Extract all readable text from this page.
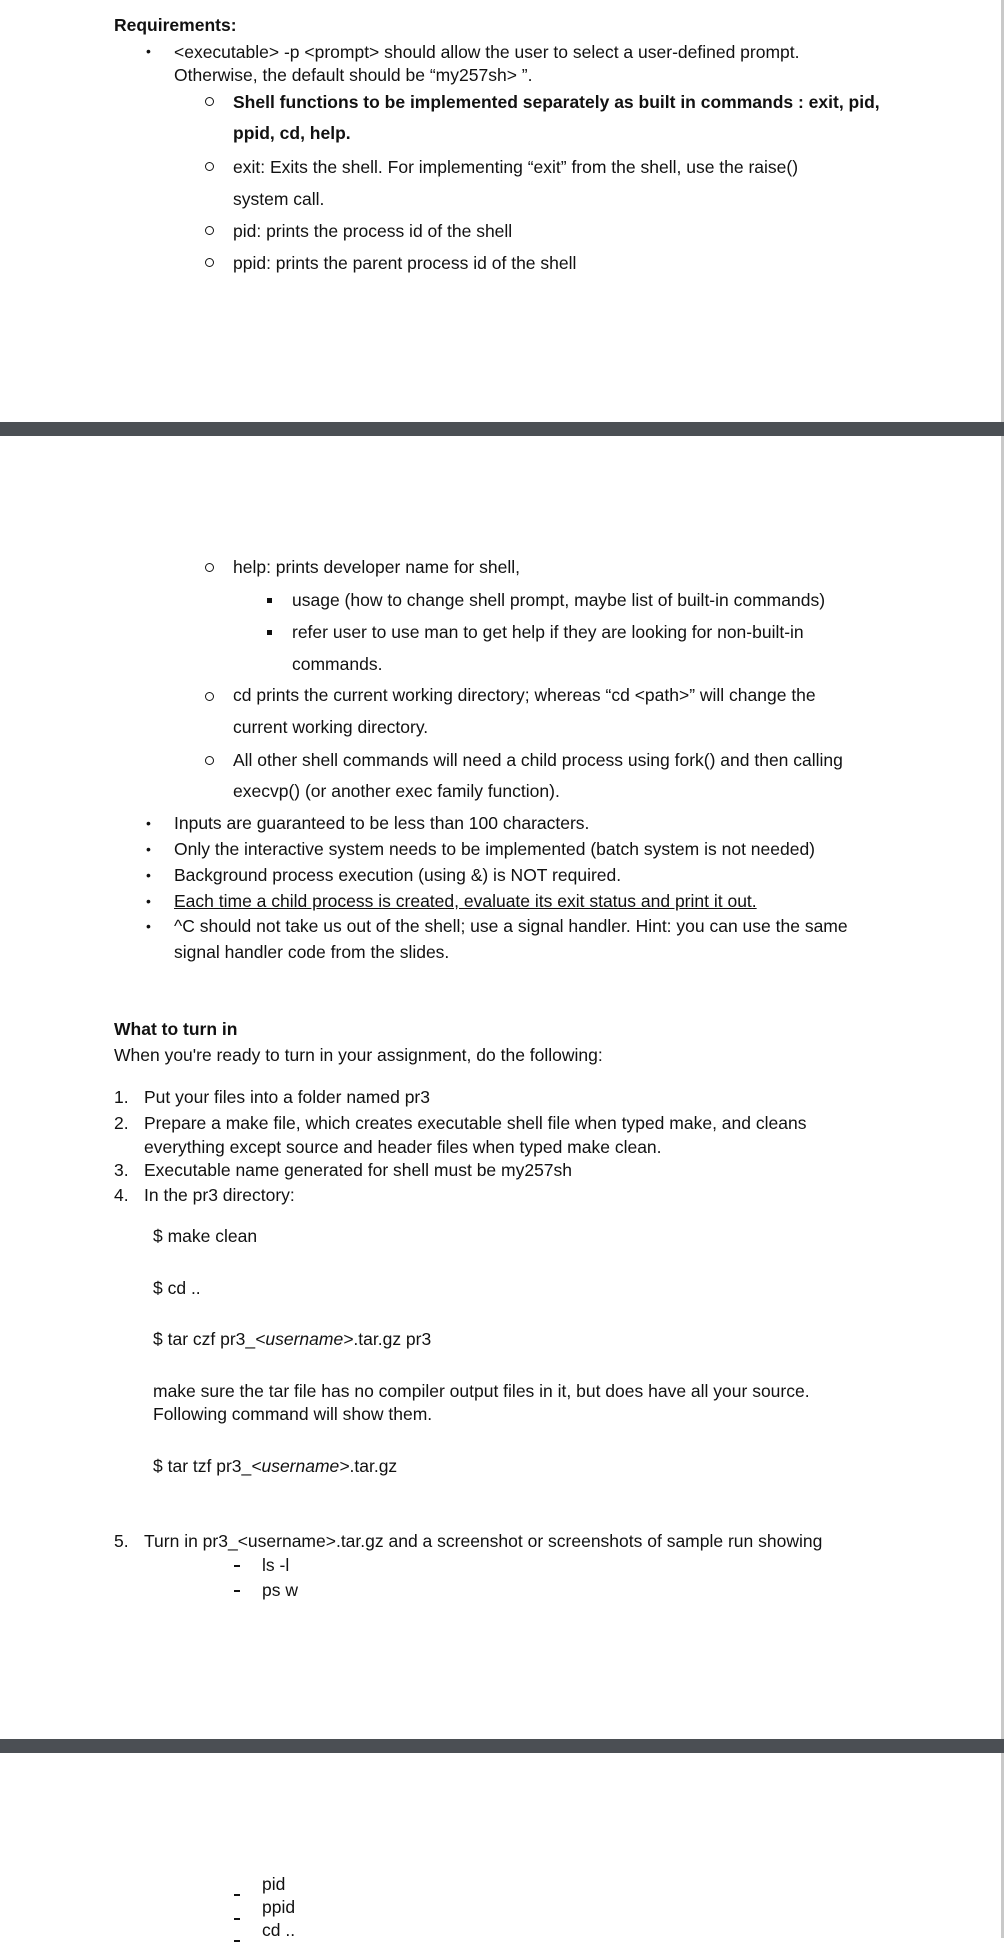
Requirements:
• <executable> -p <prompt> should allow the user to select a user-defined prompt.
Otherwise, the default should be “my257sh> ”.
Shell functions to be implemented separately as built in commands : exit, pid,
ppid, cd, help.
exit: Exits the shell. For implementing “exit” from the shell, use the raise()
system call.
pid: prints the process id of the shell
ppid: prints the parent process id of the shell
help: prints developer name for shell,
usage (how to change shell prompt, maybe list of built-in commands)
refer user to use man to get help if they are looking for non-built-in
commands.
cd prints the current working directory; whereas “cd <path>” will change the
current working directory.
All other shell commands will need a child process using fork() and then calling
execvp() (or another exec family function).
• Inputs are guaranteed to be less than 100 characters.
• Only the interactive system needs to be implemented (batch system is not needed)
• Background process execution (using &) is NOT required.
• Each time a child process is created, evaluate its exit status and print it out.
• ^C should not take us out of the shell; use a signal handler. Hint: you can use the same
signal handler code from the slides.
What to turn in
When you're ready to turn in your assignment, do the following:
1. Put your files into a folder named pr3
2. Prepare a make file, which creates executable shell file when typed make, and cleans
everything except source and header files when typed make clean.
3. Executable name generated for shell must be my257sh
4. In the pr3 directory:
$ make clean
$ cd ..
$ tar czf pr3_<username>.tar.gz pr3
make sure the tar file has no compiler output files in it, but does have all your source.
Following command will show them.
$ tar tzf pr3_<username>.tar.gz
5. Turn in pr3_<username>.tar.gz and a screenshot or screenshots of sample run showing
ls -l
ps w
pid
ppid
cd ..
